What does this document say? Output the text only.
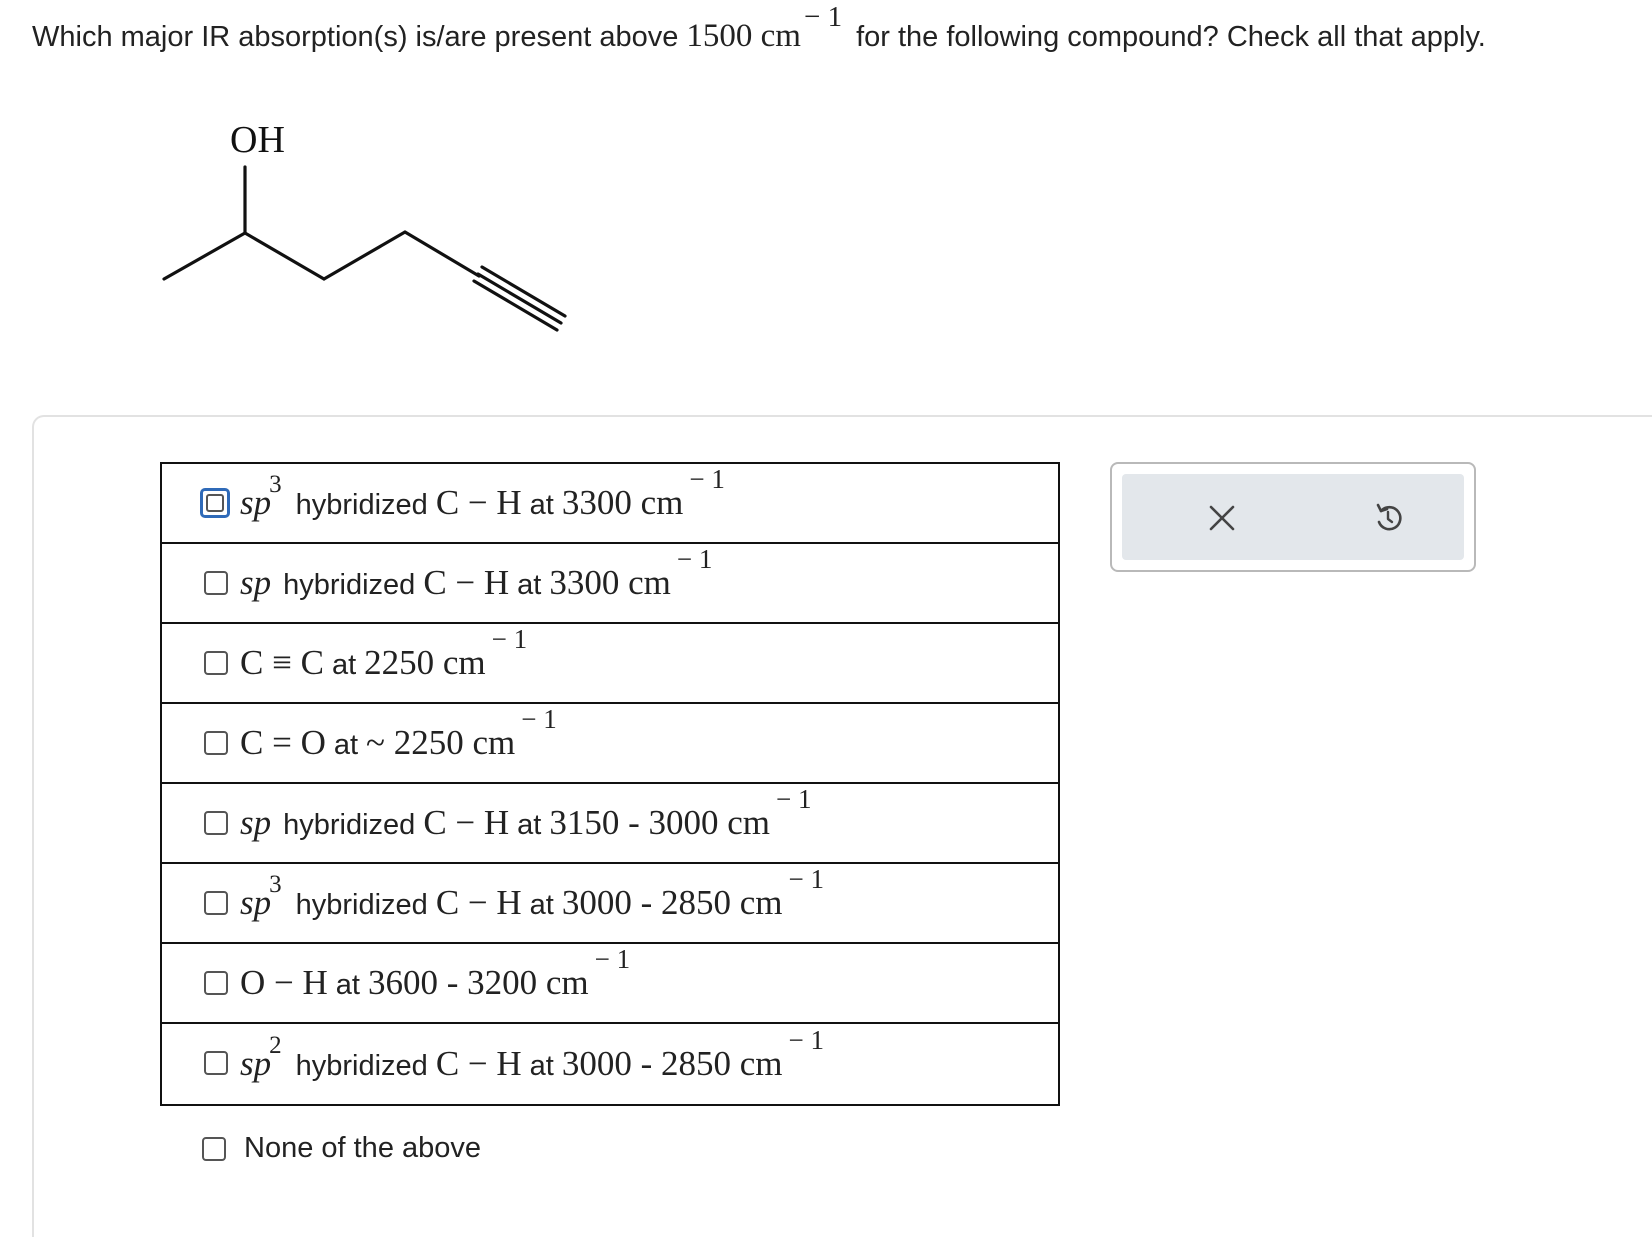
Which major IR absorption(s) is/are present above 1500 cm− 1for the following compound? Check all that apply.
OH
sp
3
hybridized C − H at 3300 cm
− 1
sp hybridized C − H at 3300 cm
− 1
C ≡ C at 2250 cm
− 1
C = O at ~ 2250 cm
− 1
sp hybridized C − H at 3150 - 3000 cm
− 1
sp
3
hybridized C − H at 3000 - 2850 cm
− 1
O − H at 3600 - 3200 cm
− 1
sp
2
hybridized C − H at 3000 - 2850 cm
− 1
None of the above
